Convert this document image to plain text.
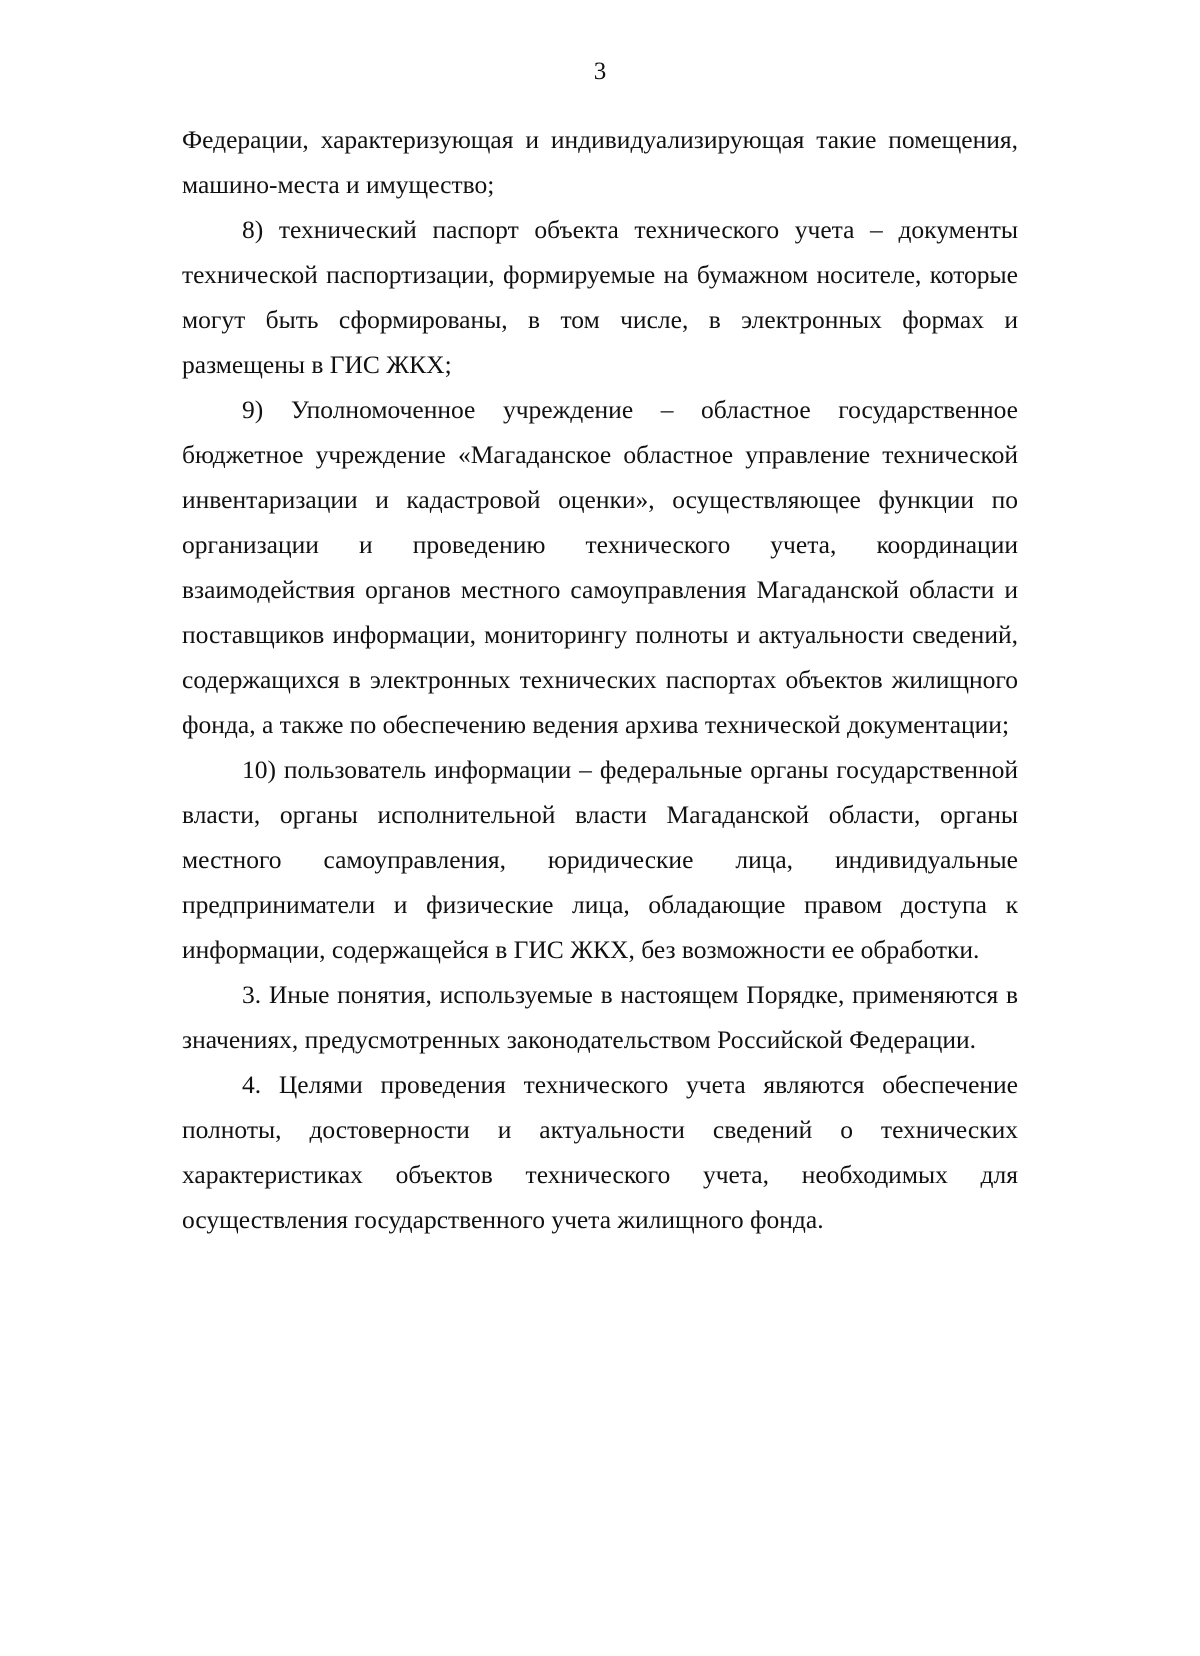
3

Федерации, характеризующая и индивидуализирующая такие помещения, машино-места и имущество;

8) технический паспорт объекта технического учета – документы технической паспортизации, формируемые на бумажном носителе, которые могут быть сформированы, в том числе, в электронных формах и размещены в ГИС ЖКХ;

9) Уполномоченное учреждение – областное государственное бюджетное учреждение «Магаданское областное управление технической инвентаризации и кадастровой оценки», осуществляющее функции по организации и проведению технического учета, координации взаимодействия органов местного самоуправления Магаданской области и поставщиков информации, мониторингу полноты и актуальности сведений, содержащихся в электронных технических паспортах объектов жилищного фонда, а также по обеспечению ведения архива технической документации;

10) пользователь информации – федеральные органы государственной власти, органы исполнительной власти Магаданской области, органы местного самоуправления, юридические лица, индивидуальные предприниматели и физические лица, обладающие правом доступа к информации, содержащейся в ГИС ЖКХ, без возможности ее обработки.

3. Иные понятия, используемые в настоящем Порядке, применяются в значениях, предусмотренных законодательством Российской Федерации.

4. Целями проведения технического учета являются обеспечение полноты, достоверности и актуальности сведений о технических характеристиках объектов технического учета, необходимых для осуществления государственного учета жилищного фонда.
